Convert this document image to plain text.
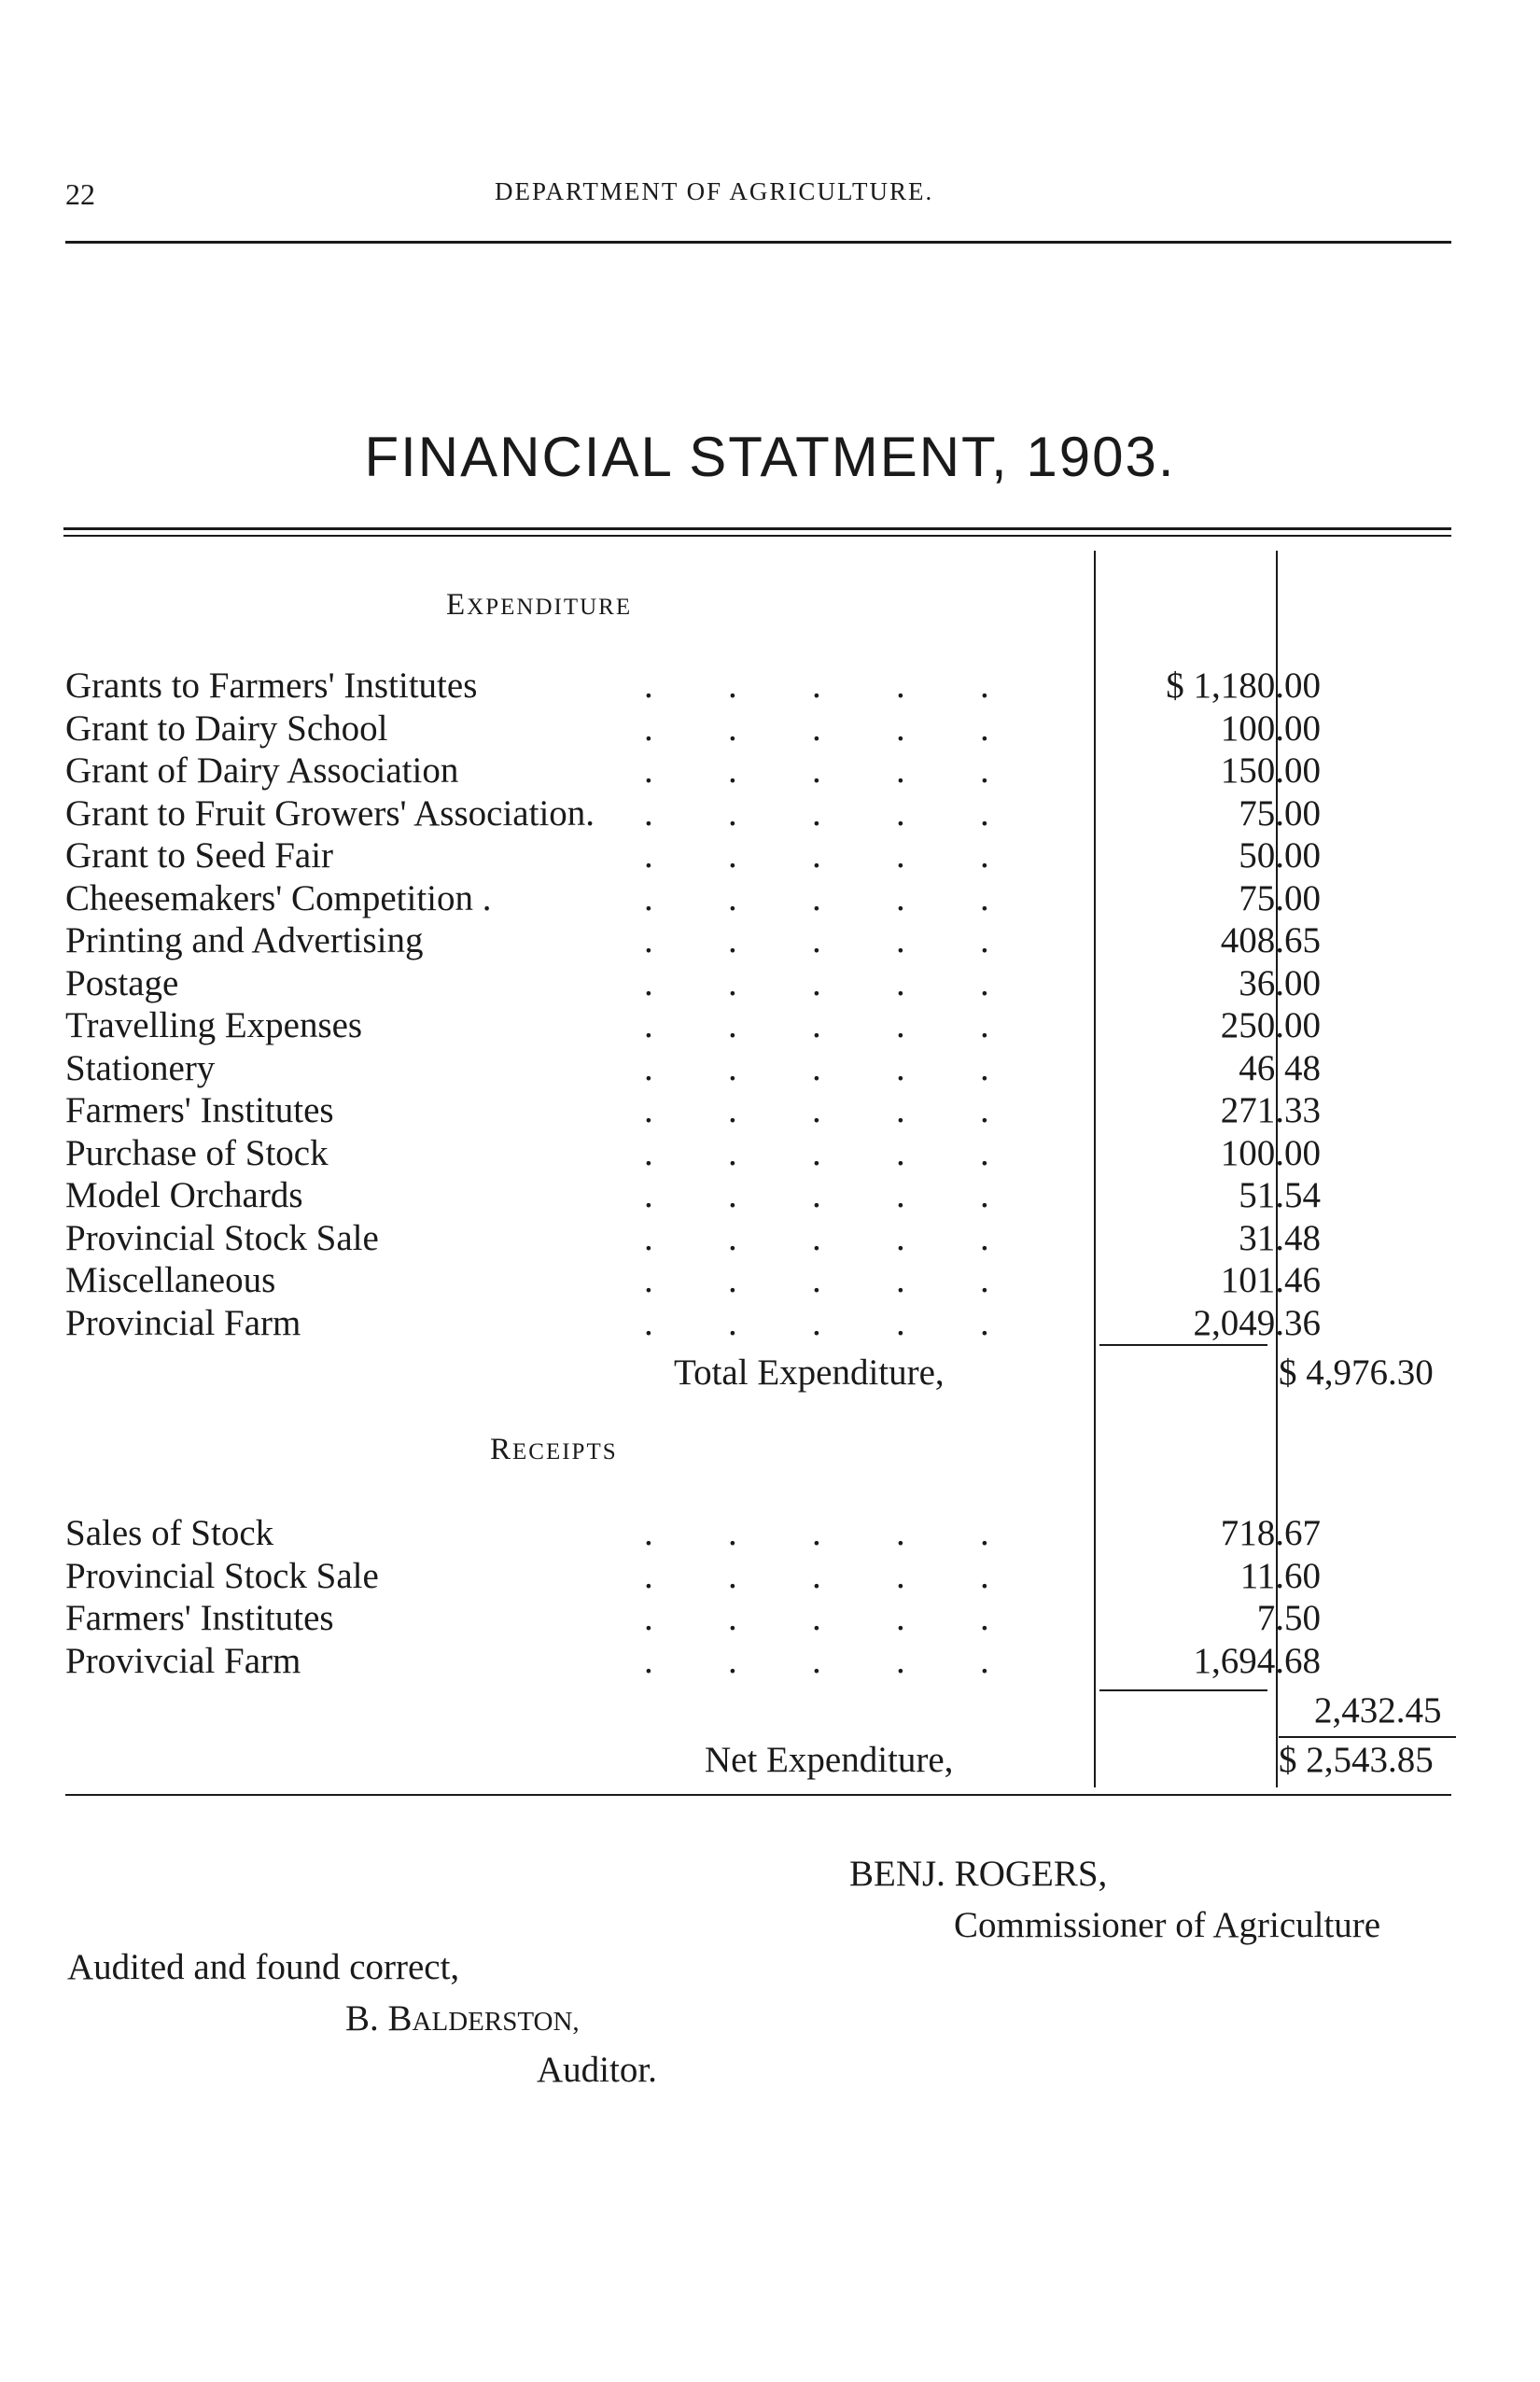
22	DEPARTMENT OF AGRICULTURE.
FINANCIAL STATMENT, 1903.
EXPENDITURE
Grants to Farmers' Institutes	$ 1,180.00
. . . . .
Grant to Dairy School	100.00
. . . . .
Grant of Dairy Association	150.00
. . . . .
Grant to Fruit Growers' Association.	75.00
. . . . .
Grant to Seed Fair	50.00
. . . . .
Cheesemakers' Competition .	75.00
. . . . .
Printing and Advertising	408.65
. . . . .
Postage	36.00
. . . . .
Travelling Expenses	250.00
. . . . .
Stationery	46 48
. . . . .
Farmers' Institutes	271.33
. . . . .
Purchase of Stock	100.00
. . . . .
Model Orchards	51.54
. . . . .
Provincial Stock Sale	31.48
. . . . .
Miscellaneous	101.46
. . . . .
Provincial Farm	2,049.36
. . . . .
Total Expenditure,	$ 4,976.30
RECEIPTS
Sales of Stock	718.67
. . . . .
Provincial Stock Sale	11.60
. . . . .
Farmers' Institutes	7.50
. . . . .
Provivcial Farm	1,694.68
. . . . .
2,432.45
Net Expenditure,	$ 2,543.85
BENJ. ROGERS,
Commissioner of Agriculture
Audited and found correct,
B. BALDERSTON,
Auditor.
